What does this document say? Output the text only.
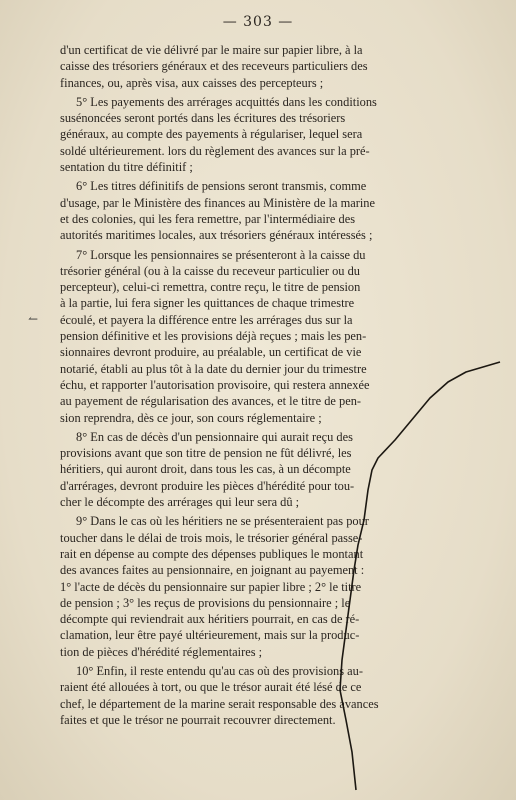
— 303 —
↼

d'un certificat de vie délivré par le maire sur papier libre, à la
caisse des trésoriers généraux et des receveurs particuliers des
finances, ou, après visa, aux caisses des percepteurs ;

5° Les payements des arrérages acquittés dans les conditions
susénoncées seront portés dans les écritures des trésoriers
généraux, au compte des payements à régulariser, lequel sera
soldé ultérieurement. lors du règlement des avances sur la pré-
sentation du titre définitif ;

6° Les titres définitifs de pensions seront transmis, comme
d'usage, par le Ministère des finances au Ministère de la marine
et des colonies, qui les fera remettre, par l'intermédiaire des
autorités maritimes locales, aux trésoriers généraux intéressés ;

7° Lorsque les pensionnaires se présenteront à la caisse du
trésorier général (ou à la caisse du receveur particulier ou du
percepteur), celui-ci remettra, contre reçu, le titre de pension
à la partie, lui fera signer les quittances de chaque trimestre
écoulé, et payera la différence entre les arrérages dus sur la
pension définitive et les provisions déjà reçues ; mais les pen-
sionnaires devront produire, au préalable, un certificat de vie
notarié, établi au plus tôt à la date du dernier jour du trimestre
échu, et rapporter l'autorisation provisoire, qui restera annexée
au payement de régularisation des avances, et le titre de pen-
sion reprendra, dès ce jour, son cours réglementaire ;

8° En cas de décès d'un pensionnaire qui aurait reçu des
provisions avant que son titre de pension ne fût délivré, les
héritiers, qui auront droit, dans tous les cas, à un décompte
d'arrérages, devront produire les pièces d'hérédité pour tou-
cher le décompte des arrérages qui leur sera dû ;

9° Dans le cas où les héritiers ne se présenteraient pas pour
toucher dans le délai de trois mois, le trésorier général passe-
rait en dépense au compte des dépenses publiques le montant
des avances faites au pensionnaire, en joignant au payement :
1° l'acte de décès du pensionnaire sur papier libre ; 2° le titre
de pension ; 3° les reçus de provisions du pensionnaire ; le
décompte qui reviendrait aux héritiers pourrait, en cas de ré-
clamation, leur être payé ultérieurement, mais sur la produc-
tion de pièces d'hérédité réglementaires ;

10° Enfin, il reste entendu qu'au cas où des provisions au-
raient été allouées à tort, ou que le trésor aurait été lésé de ce
chef, le département de la marine serait responsable des avances
faites et que le trésor ne pourrait recouvrer directement.
